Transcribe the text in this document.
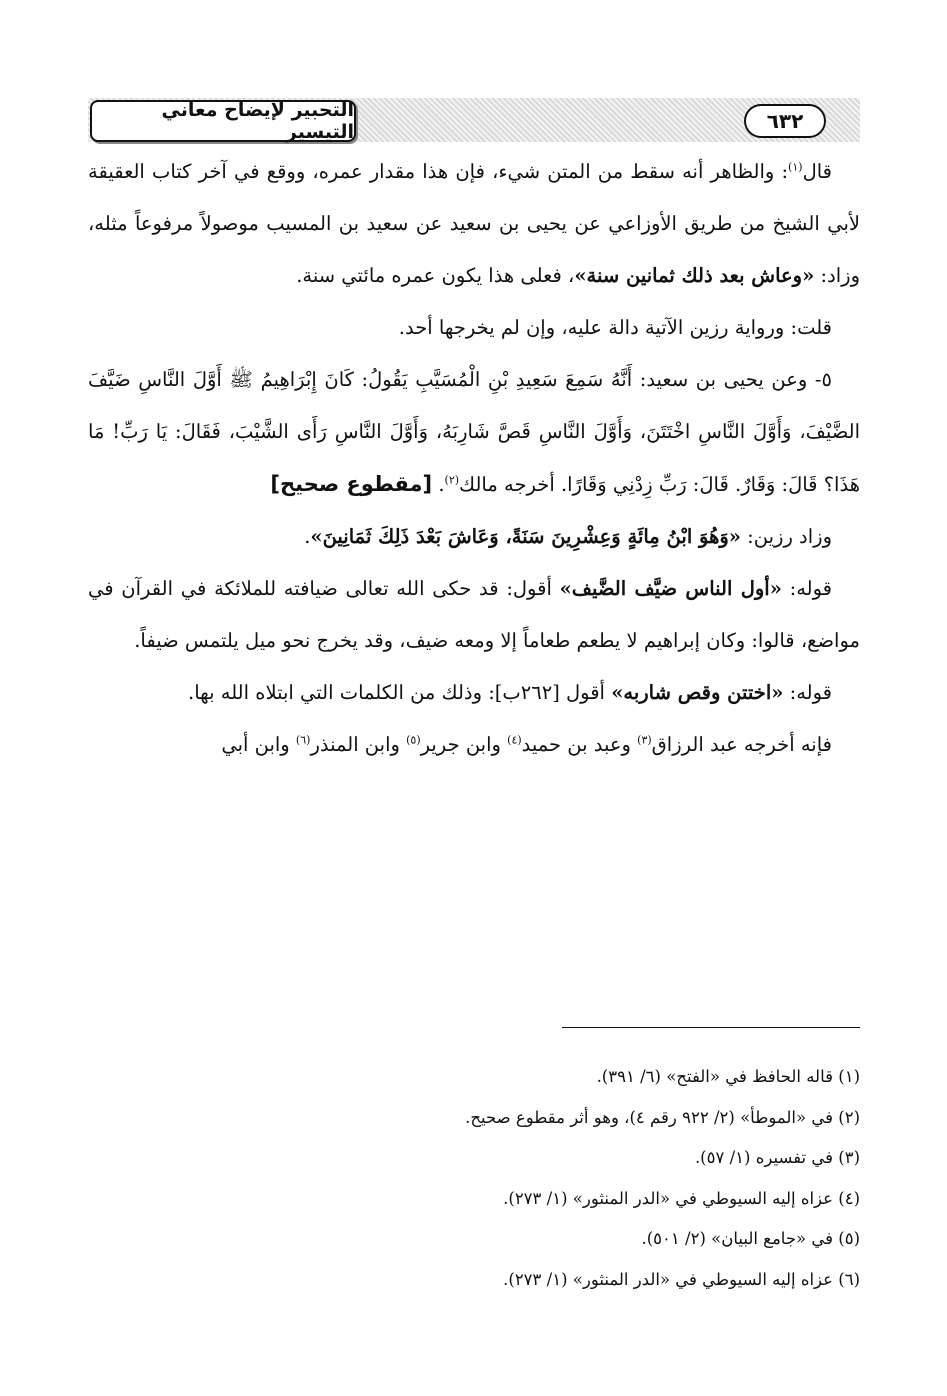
٦٣٢
التحبير لإيضاح معاني التيسير

قال$^{(١)}$: والظاهر أنه سقط من المتن شيء، فإن هذا مقدار عمره، ووقع في آخر كتاب العقيقة لأبي الشيخ من طريق الأوزاعي عن يحيى بن سعيد عن سعيد بن المسيب موصولاً مرفوعاً مثله، وزاد: «وعاش بعد ذلك ثمانين سنة»، فعلى هذا يكون عمره مائتي سنة.

قلت: ورواية رزين الآتية دالة عليه، وإن لم يخرجها أحد.

٥- وعن يحيى بن سعيد: أَنَّهُ سَمِعَ سَعِيدِ بْنِ الْمُسَيَّبِ يَقُولُ: كَانَ إِبْرَاهِيمُ ﷺ أَوَّلَ النَّاسِ ضَيَّفَ الضَّيْفَ، وَأَوَّلَ النَّاسِ اخْتَتَنَ، وَأَوَّلَ النَّاسِ قَصَّ شَارِبَهُ، وَأَوَّلَ النَّاسِ رَأَى الشَّيْبَ، فَقَالَ: يَا رَبِّ! مَا هَذَا؟ قَالَ: وَقَارٌ. قَالَ: رَبِّ زِدْنِي وَقَارًا. أخرجه مالك$^{(٢)}$. [مقطوع صحيح]

وزاد رزين: «وَهُوَ ابْنُ مِائَةٍ وَعِشْرِينَ سَنَةً، وَعَاشَ بَعْدَ ذَلِكَ ثَمَانِينَ».

قوله: «أول الناس ضيَّف الضَّيف» أقول: قد حكى الله تعالى ضيافته للملائكة في القرآن في مواضع، قالوا: وكان إبراهيم لا يطعم طعاماً إلا ومعه ضيف، وقد يخرج نحو ميل يلتمس ضيفاً.

قوله: «اختتن وقص شاربه» أقول [٢٦٢ب]: وذلك من الكلمات التي ابتلاه الله بها.

فإنه أخرجه عبد الرزاق$^{(٣)}$ وعبد بن حميد$^{(٤)}$ وابن جرير$^{(٥)}$ وابن المنذر$^{(٦)}$ وابن أبي

(١) قاله الحافظ في «الفتح» (٦/ ٣٩١).

(٢) في «الموطأ» (٢/ ٩٢٢ رقم ٤)، وهو أثر مقطوع صحيح.

(٣) في تفسيره (١/ ٥٧).

(٤) عزاه إليه السيوطي في «الدر المنثور» (١/ ٢٧٣).

(٥) في «جامع البيان» (٢/ ٥٠١).

(٦) عزاه إليه السيوطي في «الدر المنثور» (١/ ٢٧٣).
